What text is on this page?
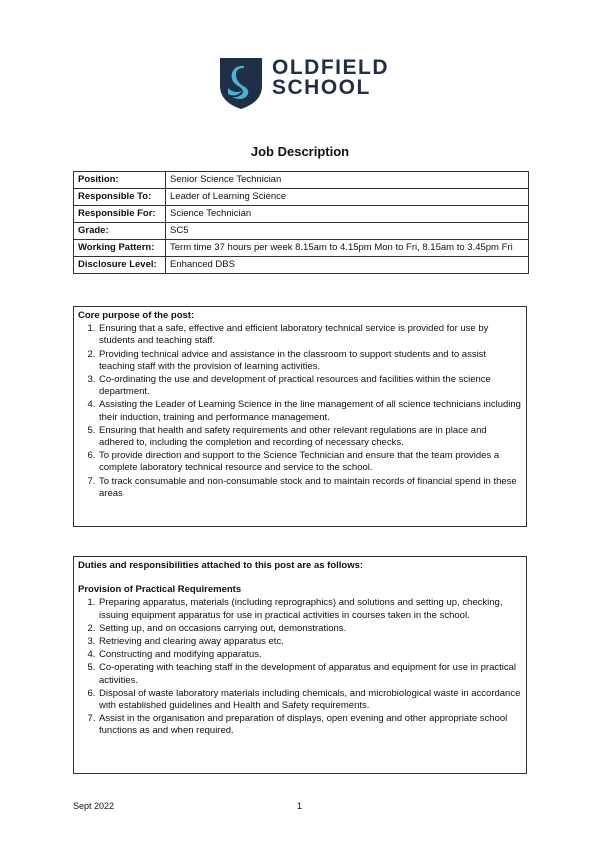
OLDFIELD
SCHOOL
Job Description
Position:	Senior Science Technician
Responsible To:	Leader of Learning Science
Responsible For:	Science Technician
Grade:	SC5
Working Pattern:	Term time 37 hours per week 8.15am to 4.15pm Mon to Fri, 8.15am to 3.45pm Fri
Disclosure Level:	Enhanced DBS
Core purpose of the post:
1. Ensuring that a safe, effective and efficient laboratory technical service is provided for use by students and teaching staff.
2. Providing technical advice and assistance in the classroom to support students and to assist teaching staff with the provision of learning activities.
3. Co-ordinating the use and development of practical resources and facilities within the science department.
4. Assisting the Leader of Learning Science in the line management of all science technicians including their induction, training and performance management.
5. Ensuring that health and safety requirements and other relevant regulations are in place and adhered to, including the completion and recording of necessary checks.
6. To provide direction and support to the Science Technician and ensure that the team provides a complete laboratory technical resource and service to the school.
7. To track consumable and non-consumable stock and to maintain records of financial spend in these areas
Duties and responsibilities attached to this post are as follows:
Provision of Practical Requirements
1. Preparing apparatus, materials (including reprographics) and solutions and setting up, checking, issuing equipment apparatus for use in practical activities in courses taken in the school.
2. Setting up, and on occasions carrying out, demonstrations.
3. Retrieving and clearing away apparatus etc.
4. Constructing and modifying apparatus.
5. Co-operating with teaching staff in the development of apparatus and equipment for use in practical activities.
6. Disposal of waste laboratory materials including chemicals, and microbiological waste in accordance with established guidelines and Health and Safety requirements.
7. Assist in the organisation and preparation of displays, open evening and other appropriate school functions as and when required.
Sept 2022	1
